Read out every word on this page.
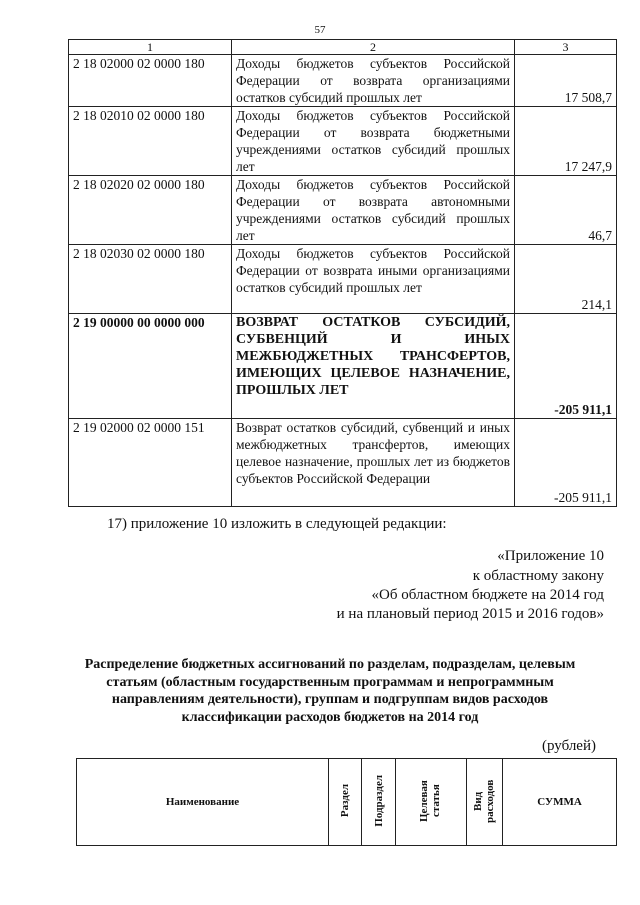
57
1	2	3
2 18 02000 02 0000 180	Доходы бюджетов субъектов Российской Федерации от возврата организациями остатков субсидий прошлых лет	17 508,7
2 18 02010 02 0000 180	Доходы бюджетов субъектов Российской Федерации от возврата бюджетными учреждениями остатков субсидий прошлых лет	17 247,9
2 18 02020 02 0000 180	Доходы бюджетов субъектов Российской Федерации от возврата автономными учреждениями остатков субсидий прошлых лет	46,7
2 18 02030 02 0000 180	Доходы бюджетов субъектов Российской Федерации от возврата иными организациями остатков субсидий прошлых лет	214,1
2 19 00000 00 0000 000	ВОЗВРАТ ОСТАТКОВ СУБСИДИЙ, СУБВЕНЦИЙ И ИНЫХ МЕЖБЮДЖЕТНЫХ ТРАНСФЕРТОВ, ИМЕЮЩИХ ЦЕЛЕВОЕ НАЗНАЧЕНИЕ, ПРОШЛЫХ ЛЕТ	-205 911,1
2 19 02000 02 0000 151	Возврат остатков субсидий, субвенций и иных межбюджетных трансфертов, имеющих целевое назначение, прошлых лет из бюджетов субъектов Российской Федерации	-205 911,1
17) приложение 10 изложить в следующей редакции:
«Приложение 10
к областному закону
«Об областном бюджете на 2014 год
и на плановый период 2015 и 2016 годов»
Распределение бюджетных ассигнований по разделам, подразделам, целевым статьям (областным государственным программам и непрограммным направлениям деятельности), группам и подгруппам видов расходов классификации расходов бюджетов на 2014 год
(рублей)
Наименование	Раздел	Подраздел	Целевая статья	Вид расходов	СУММА
